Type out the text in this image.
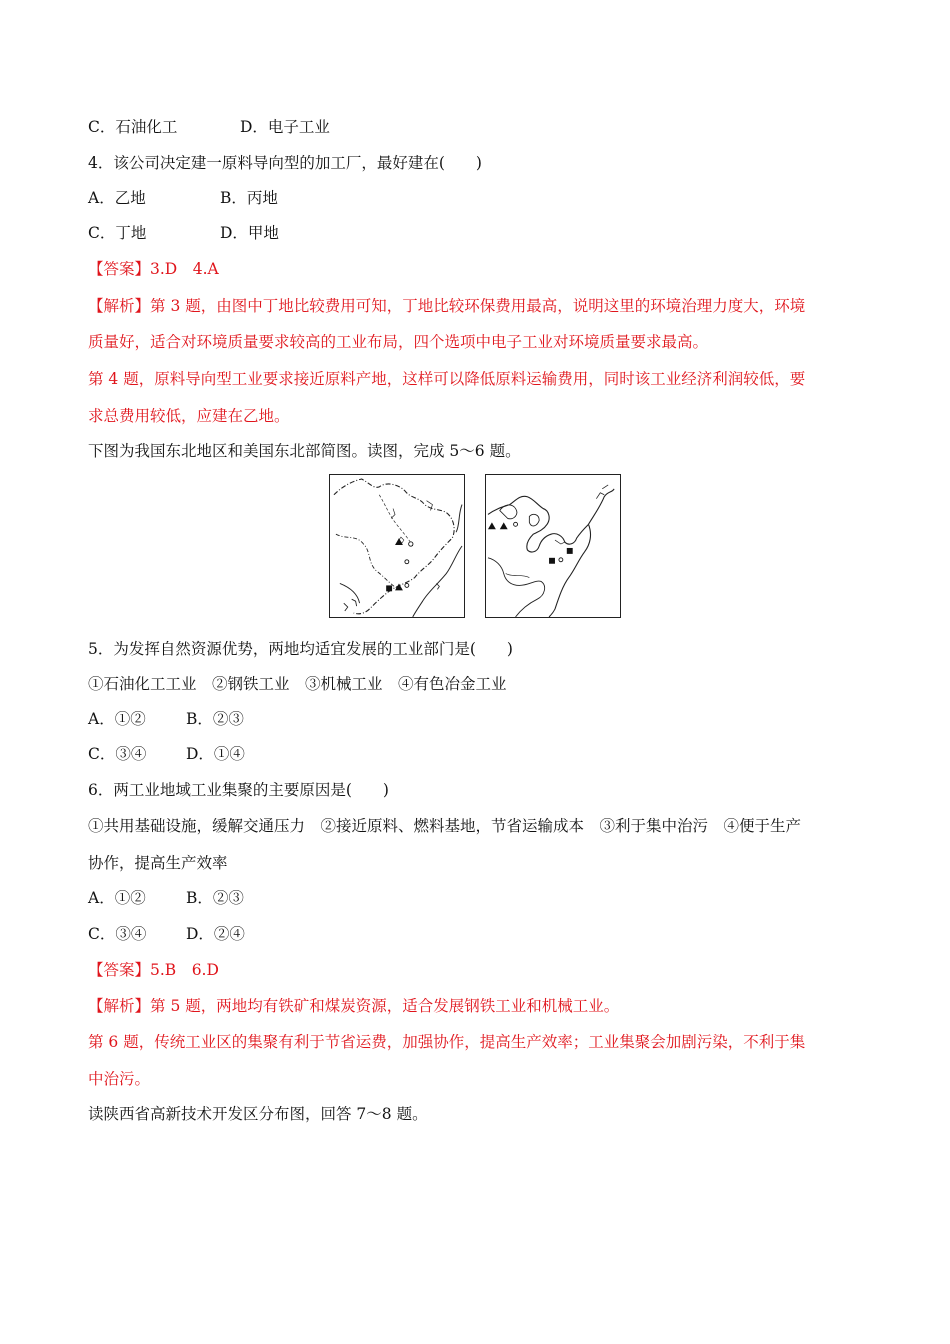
C．石油化工	D．电子工业
4．该公司决定建一原料导向型的加工厂，最好建在(　　)
A．乙地	B．丙地
C．丁地	D．甲地
【答案】3.D　4.A
【解析】第 3 题，由图中丁地比较费用可知，丁地比较环保费用最高，说明这里的环境治理力度大，环境
质量好，适合对环境质量要求较高的工业布局，四个选项中电子工业对环境质量要求最高。
第 4 题，原料导向型工业要求接近原料产地，这样可以降低原料运输费用，同时该工业经济利润较低，要
求总费用较低，应建在乙地。
下图为我国东北地区和美国东北部简图。读图，完成 5～6 题。
5．为发挥自然资源优势，两地均适宜发展的工业部门是(　　)
①石油化工工业　②钢铁工业　③机械工业　④有色冶金工业
A．①②	B．②③
C．③④	D．①④
6．两工业地域工业集聚的主要原因是(　　)
①共用基础设施，缓解交通压力　②接近原料、燃料基地，节省运输成本　③利于集中治污　④便于生产
协作，提高生产效率
A．①②	B．②③
C．③④	D．②④
【答案】5.B　6.D
【解析】第 5 题，两地均有铁矿和煤炭资源，适合发展钢铁工业和机械工业。
第 6 题，传统工业区的集聚有利于节省运费，加强协作，提高生产效率；工业集聚会加剧污染，不利于集
中治污。
读陕西省高新技术开发区分布图，回答 7～8 题。
